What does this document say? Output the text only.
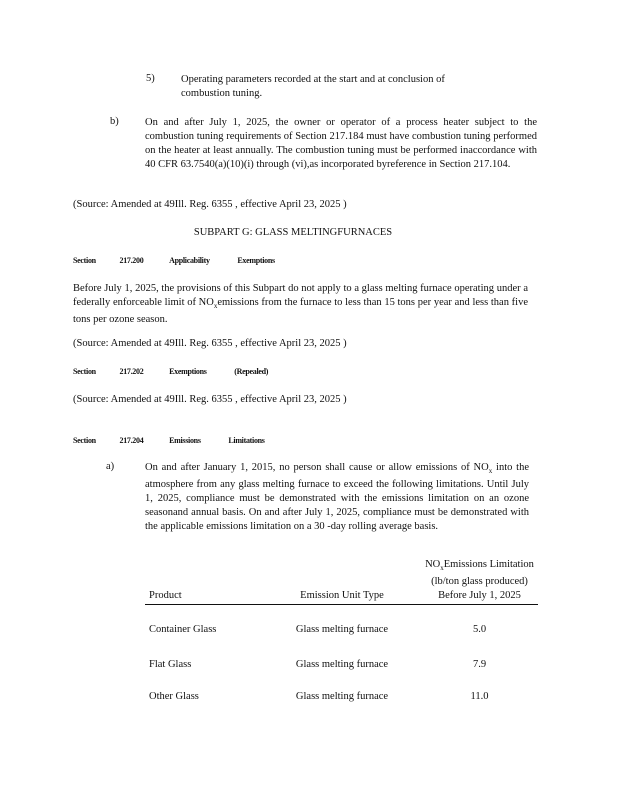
5)	Operating parameters recorded at the start and at conclusion of
combustion tuning.
b)	On and after July 1, 2025, the owner or operator of a process heater subject to the combustion tuning requirements of Section 217.184 must have combustion tuning performed on the heater at least annually. The combustion tuning must be performed inaccordance with 40 CFR 63.7540(a)(10)(i) through (vi),as incorporated byreference in Section 217.104.
(Source: Amended at 49Ill. Reg. 6355 , effective April 23, 2025 )
SUBPART G: GLASS MELTINGFURNACES
Section	217.200	Applicability	Exemptions
Before July 1, 2025, the provisions of this Subpart do not apply to a glass melting furnace operating under a federally enforceable limit of $NO_xemissions$ from the furnace to less than 15 tons per year and less than five tons per ozone season.
(Source: Amended at 49Ill. Reg. 6355 , effective April 23, 2025 )
Section	217.202	Exemptions	(Repealed)
(Source: Amended at 49Ill. Reg. 6355 , effective April 23, 2025 )
Section	217.204	Emissions	Limitations
a)	On and after January 1, 2015, no person shall cause or allow emissions of $NO_x$ into the atmosphere from any glass melting furnace to exceed the following limitations. Until July 1, 2025, compliance must be demonstrated with the emissions limitation on an ozone seasonand annual basis. On and after July 1, 2025, compliance must be demonstrated with the applicable emissions limitation on a 30 -day rolling average basis.
Product	Emission Unit Type	$NO_xEmissions$ Limitation (lb/ton glass produced) Before July 1, 2025
Container Glass	Glass melting furnace	5.0
Flat Glass	Glass melting furnace	7.9
Other Glass	Glass melting furnace	11.0
